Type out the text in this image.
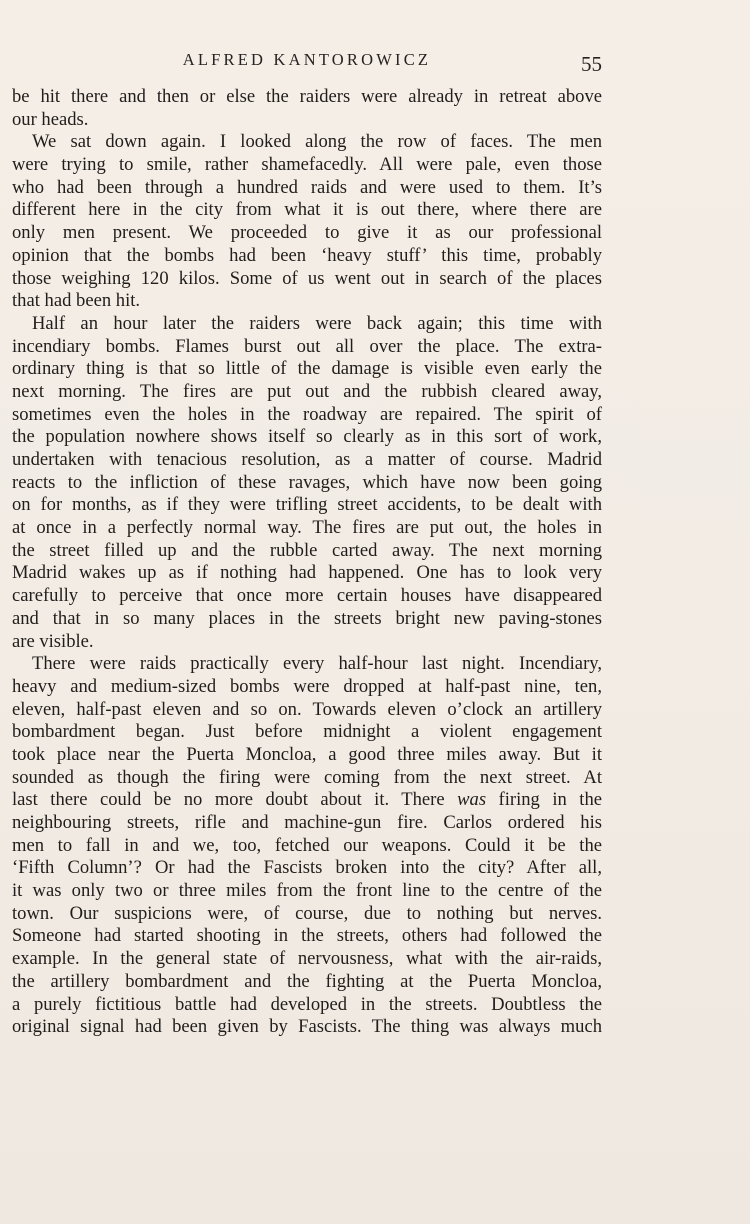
ALFRED KANTOROWICZ	55

be hit there and then or else the raiders were already in retreat above

our heads.

We sat down again. I looked along the row of faces. The men

were trying to smile, rather shamefacedly. All were pale, even those

who had been through a hundred raids and were used to them. It’s

different here in the city from what it is out there, where there are

only men present. We proceeded to give it as our professional

opinion that the bombs had been ‘heavy stuff’ this time, probably

those weighing 120 kilos. Some of us went out in search of the places

that had been hit.

Half an hour later the raiders were back again; this time with

incendiary bombs. Flames burst out all over the place. The extra-

ordinary thing is that so little of the damage is visible even early the

next morning. The fires are put out and the rubbish cleared away,

sometimes even the holes in the roadway are repaired. The spirit of

the population nowhere shows itself so clearly as in this sort of work,

undertaken with tenacious resolution, as a matter of course. Madrid

reacts to the infliction of these ravages, which have now been going

on for months, as if they were trifling street accidents, to be dealt with

at once in a perfectly normal way. The fires are put out, the holes in

the street filled up and the rubble carted away. The next morning

Madrid wakes up as if nothing had happened. One has to look very

carefully to perceive that once more certain houses have disappeared

and that in so many places in the streets bright new paving-stones

are visible.

There were raids practically every half-hour last night. Incendiary,

heavy and medium-sized bombs were dropped at half-past nine, ten,

eleven, half-past eleven and so on. Towards eleven o’clock an artillery

bombardment began. Just before midnight a violent engagement

took place near the Puerta Moncloa, a good three miles away. But it

sounded as though the firing were coming from the next street. At

last there could be no more doubt about it. There was firing in the

neighbouring streets, rifle and machine-gun fire. Carlos ordered his

men to fall in and we, too, fetched our weapons. Could it be the

‘Fifth Column’? Or had the Fascists broken into the city? After all,

it was only two or three miles from the front line to the centre of the

town. Our suspicions were, of course, due to nothing but nerves.

Someone had started shooting in the streets, others had followed the

example. In the general state of nervousness, what with the air-raids,

the artillery bombardment and the fighting at the Puerta Moncloa,

a purely fictitious battle had developed in the streets. Doubtless the

original signal had been given by Fascists. The thing was always much
